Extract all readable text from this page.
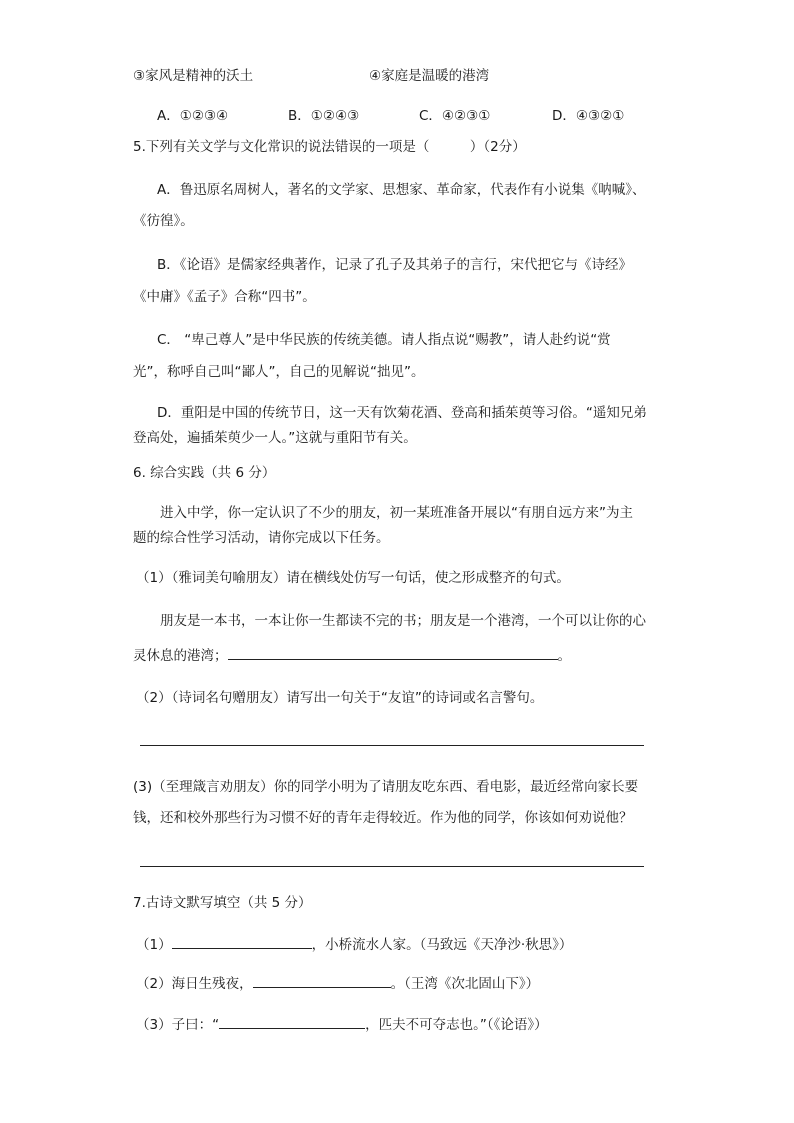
③家风是精神的沃土	④家庭是温暖的港湾
A．①②③④	B．①②④③	C．④②③①	D．④③②①
5.下列有关文学与文化常识的说法错误的一项是（　　　）（2分）
A．鲁迅原名周树人，著名的文学家、思想家、革命家，代表作有小说集《呐喊》、
《彷徨》。
B．《论语》是儒家经典著作，记录了孔子及其弟子的言行，宋代把它与《诗经》
《中庸》《孟子》合称“四书”。
C． “卑己尊人”是中华民族的传统美德。请人指点说“赐教”，请人赴约说“赏
光”，称呼自己叫“鄙人”，自己的见解说“拙见”。
D．重阳是中国的传统节日，这一天有饮菊花酒、登高和插茱萸等习俗。“遥知兄弟
登高处，遍插茱萸少一人。”这就与重阳节有关。
6. 综合实践（共 6 分）
进入中学，你一定认识了不少的朋友，初一某班准备开展以“有朋自远方来”为主
题的综合性学习活动，请你完成以下任务。
（1）（雅词美句喻朋友）请在横线处仿写一句话，使之形成整齐的句式。
朋友是一本书，一本让你一生都读不完的书；朋友是一个港湾，一个可以让你的心
灵休息的港湾；	。
（2）（诗词名句赠朋友）请写出一句关于“友谊”的诗词或名言警句。
(3)（至理箴言劝朋友）你的同学小明为了请朋友吃东西、看电影，最近经常向家长要
钱，还和校外那些行为习惯不好的青年走得较近。作为他的同学，你该如何劝说他？
7.古诗文默写填空（共 5 分）
（1）	，小桥流水人家。（马致远《天净沙·秋思》）
（2）海日生残夜，	。（王湾《次北固山下》）
（3）子曰：“	，匹夫不可夺志也。”（《论语》）
